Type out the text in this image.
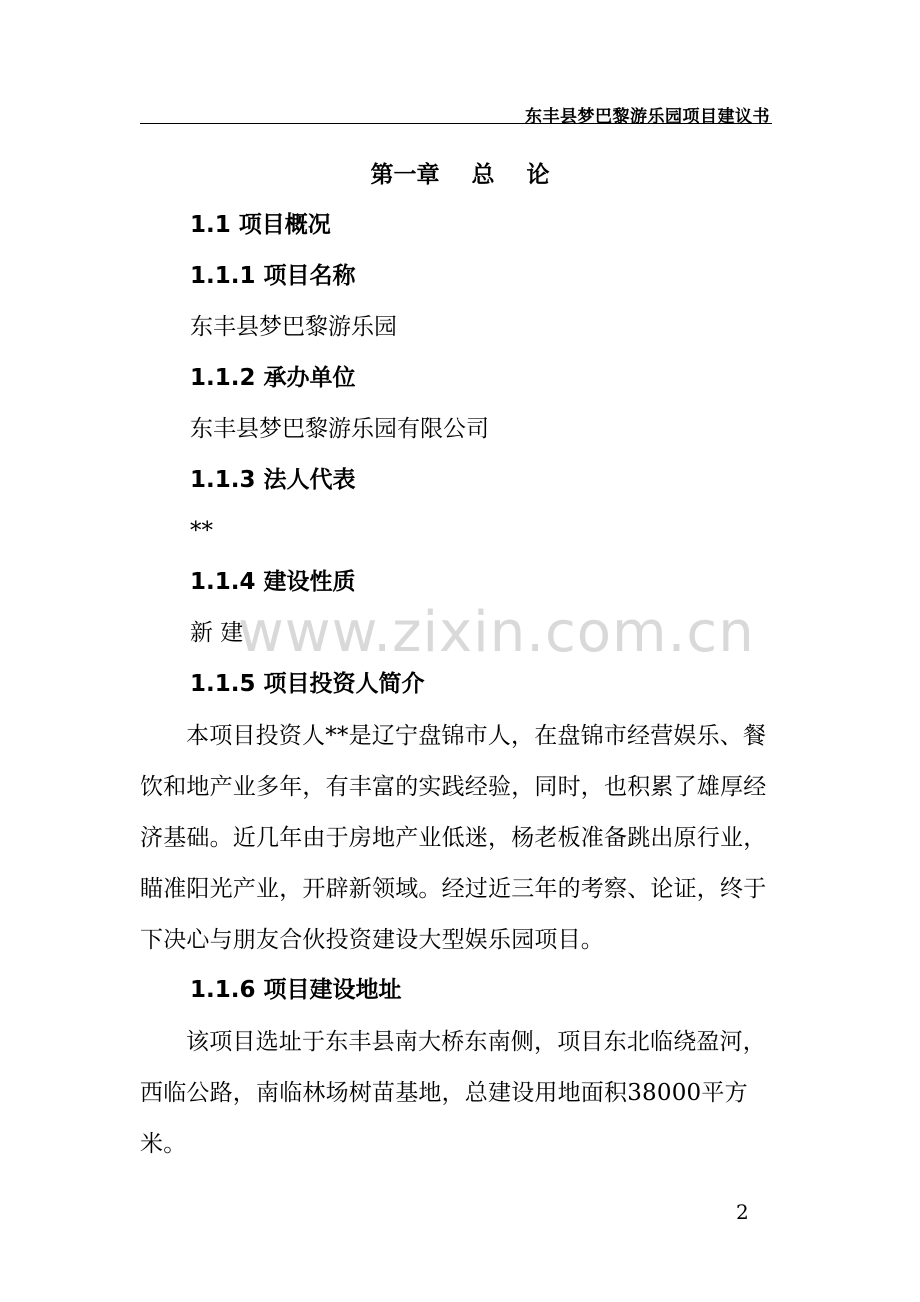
东丰县梦巴黎游乐园项目建议书
第一章    总    论
1.1 项目概况
1.1.1 项目名称
东丰县梦巴黎游乐园
1.1.2 承办单位
东丰县梦巴黎游乐园有限公司
1.1.3 法人代表
**
1.1.4 建设性质
新 建
1.1.5 项目投资人简介
本项目投资人**是辽宁盘锦市人，在盘锦市经营娱乐、餐饮和地产业多年，有丰富的实践经验，同时，也积累了雄厚经济基础。近几年由于房地产业低迷，杨老板准备跳出原行业，瞄准阳光产业，开辟新领域。经过近三年的考察、论证，终于下决心与朋友合伙投资建设大型娱乐园项目。
1.1.6 项目建设地址
该项目选址于东丰县南大桥东南侧，项目东北临绕盈河，西临公路，南临林场树苗基地，总建设用地面积38000平方米。
www.zixin.com.cn
2
